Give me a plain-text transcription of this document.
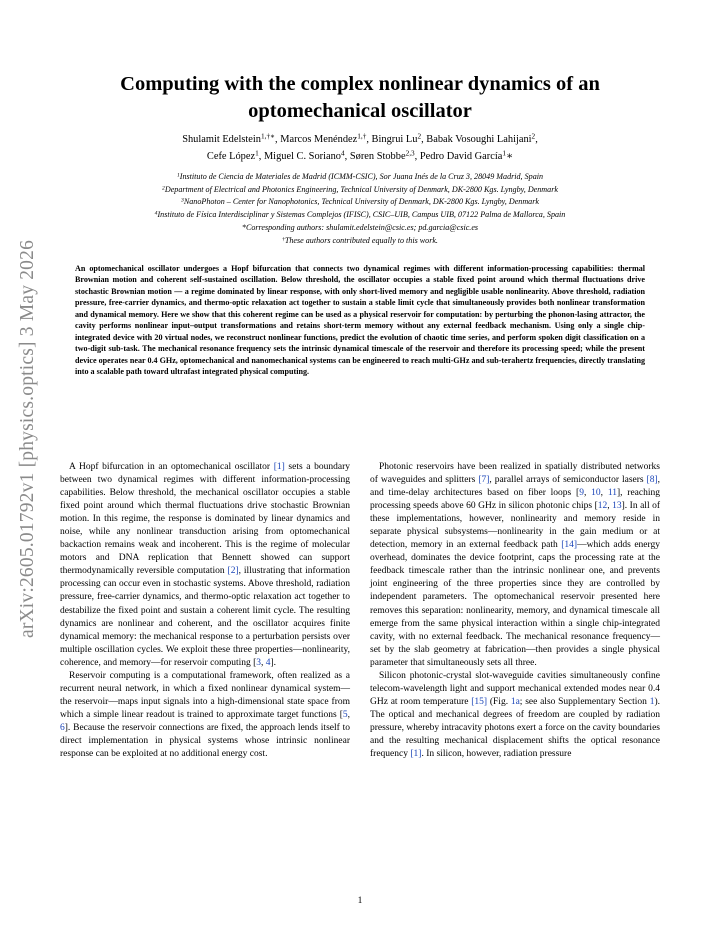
arXiv:2605.01792v1 [physics.optics] 3 May 2026
Computing with the complex nonlinear dynamics of an optomechanical oscillator
Shulamit Edelstein$^{1,\dagger∗}$, Marcos Menéndez$^{1,\dagger}$, Bingrui Lu$^2$, Babak Vosoughi Lahijani$^2$,
Cefe López$^1$, Miguel C. Soriano$^4$, Søren Stobbe$^{2,3}$, Pedro David García$^1$∗
$^1$Instituto de Ciencia de Materiales de Madrid (ICMM-CSIC), Sor Juana Inés de la Cruz 3, 28049 Madrid, Spain
$^2$Department of Electrical and Photonics Engineering, Technical University of Denmark, DK-2800 Kgs. Lyngby, Denmark
$^3$NanoPhoton – Center for Nanophotonics, Technical University of Denmark, DK-2800 Kgs. Lyngby, Denmark
$^4$Instituto de Física Interdisciplinar y Sistemas Complejos (IFISC), CSIC–UIB, Campus UIB, 07122 Palma de Mallorca, Spain
*Corresponding authors: shulamit.edelstein@csic.es; pd.garcia@csic.es
†These authors contributed equally to this work.
An optomechanical oscillator undergoes a Hopf bifurcation that connects two dynamical regimes with different information-processing capabilities: thermal Brownian motion and coherent self-sustained oscillation. Below threshold, the oscillator occupies a stable fixed point around which thermal fluctuations drive stochastic Brownian motion — a regime dominated by linear response, with only short-lived memory and negligible usable nonlinearity. Above threshold, radiation pressure, free-carrier dynamics, and thermo-optic relaxation act together to sustain a stable limit cycle that simultaneously provides both nonlinear transformation and dynamical memory. Here we show that this coherent regime can be used as a physical reservoir for computation: by perturbing the phonon-lasing attractor, the cavity performs nonlinear input–output transformations and retains short-term memory without any external feedback mechanism. Using only a single chip-integrated device with 20 virtual nodes, we reconstruct nonlinear functions, predict the evolution of chaotic time series, and perform spoken digit classification on a two-digit sub-task. The mechanical resonance frequency sets the intrinsic dynamical timescale of the reservoir and therefore its processing speed; while the present device operates near 0.4 GHz, optomechanical and nanomechanical systems can be engineered to reach multi-GHz and sub-terahertz frequencies, directly translating into a scalable path toward ultrafast integrated physical computing.

A Hopf bifurcation in an optomechanical oscillator [1] sets a boundary between two dynamical regimes with different information-processing capabilities. Below threshold, the mechanical oscillator occupies a stable fixed point around which thermal fluctuations drive stochastic Brownian motion. In this regime, the response is dominated by linear dynamics and noise, while any nonlinear transduction arising from optomechanical backaction remains weak and incoherent. This is the regime of molecular motors and DNA replication that Bennett showed can support thermodynamically reversible computation [2], illustrating that information processing can occur even in stochastic systems. Above threshold, radiation pressure, free-carrier dynamics, and thermo-optic relaxation act together to destabilize the fixed point and sustain a coherent limit cycle. The resulting dynamics are nonlinear and coherent, and the oscillator acquires finite dynamical memory: the mechanical response to a perturbation persists over multiple oscillation cycles. We exploit these three properties—nonlinearity, coherence, and memory—for reservoir computing [3, 4].

Reservoir computing is a computational framework, often realized as a recurrent neural network, in which a fixed nonlinear dynamical system—the reservoir—maps input signals into a high-dimensional state space from which a simple linear readout is trained to approximate target functions [5, 6]. Because the reservoir connections are fixed, the approach lends itself to direct implementation in physical systems whose intrinsic nonlinear response can be exploited at no additional energy cost.

Photonic reservoirs have been realized in spatially distributed networks of waveguides and splitters [7], parallel arrays of semiconductor lasers [8], and time-delay architectures based on fiber loops [9, 10, 11], reaching processing speeds above 60 GHz in silicon photonic chips [12, 13]. In all of these implementations, however, nonlinearity and memory reside in separate physical subsystems—nonlinearity in the gain medium or at detection, memory in an external feedback path [14]—which adds energy overhead, dominates the device footprint, caps the processing rate at the feedback timescale rather than the intrinsic nonlinear one, and prevents joint engineering of the three properties since they are controlled by independent parameters. The optomechanical reservoir presented here removes this separation: nonlinearity, memory, and dynamical timescale all emerge from the same physical interaction within a single chip-integrated cavity, with no external feedback. The mechanical resonance frequency—set by the slab geometry at fabrication—then provides a single physical parameter that simultaneously sets all three.

Silicon photonic-crystal slot-waveguide cavities simultaneously confine telecom-wavelength light and support mechanical extended modes near 0.4 GHz at room temperature [15] (Fig. 1a; see also Supplementary Section 1). The optical and mechanical degrees of freedom are coupled by radiation pressure, whereby intracavity photons exert a force on the cavity boundaries and the resulting mechanical displacement shifts the optical resonance frequency [1]. In silicon, however, radiation pressure

1
